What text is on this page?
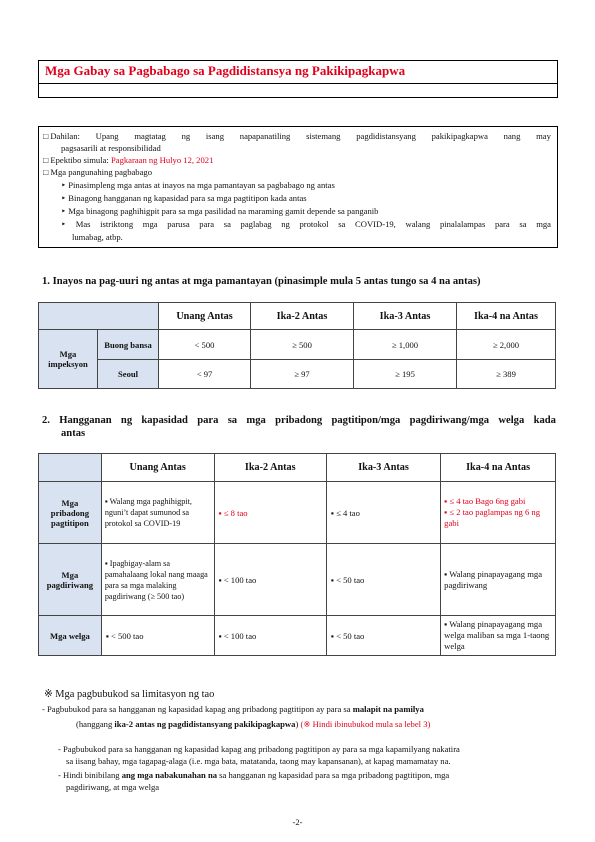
Mga Gabay sa Pagbabago sa Pagdidistansya ng Pakikipagkapwa
□ Dahilan: Upang magtatag ng isang napapanatiling sistemang pagdidistansyang pakikipagkapwa nang may
pagsasarili at responsibilidad
□ Epektibo simula: Pagkaraan ng Hulyo 12, 2021
□ Mga pangunahing pagbabago
‣ Pinasimpleng mga antas at inayos na mga pamantayan sa pagbabago ng antas
‣ Binagong hangganan ng kapasidad para sa mga pagtitipon kada antas
‣ Mga binagong paghihigpit para sa mga pasilidad na maraming gamit depende sa panganib
‣ Mas istriktong mga parusa para sa paglabag ng protokol sa COVID-19, walang pinalalampas para sa mga
lumabag, atbp.
1. Inayos na pag-uuri ng antas at mga pamantayan (pinasimple mula 5 antas tungo sa 4 na antas)
		Unang Antas	Ika-2 Antas	Ika-3 Antas	Ika-4 na Antas
Mga impeksyon	Buong bansa	< 500	≥ 500	≥ 1,000	≥ 2,000
	Seoul	< 97	≥ 97	≥ 195	≥ 389
2. Hangganan ng kapasidad para sa mga pribadong pagtitipon/mga pagdiriwang/mga welga kada
antas
	Unang Antas	Ika-2 Antas	Ika-3 Antas	Ika-4 na Antas
Mga pribadong pagtitipon	▪ Walang mga paghihigpit, nguni’t dapat sumunod sa protokol sa COVID-19	▪ ≤ 8 tao	▪ ≤ 4 tao	▪ ≤ 4 tao Bago 6ng gabi
▪ ≤ 2 tao paglampas ng 6 ng gabi

Mga pagdiriwang	▪ Ipagbigay-alam sa pamahalaang lokal nang maaga para sa mga malaking pagdiriwang (≥ 500 tao)	▪ < 100 tao	▪ < 50 tao	▪ Walang pinapayagang mga pagdiriwang
Mga welga	▪ < 500 tao	▪ < 100 tao	▪ < 50 tao	▪ Walang pinapayagang mga welga maliban sa mga 1-taong welga
※ Mga pagbubukod sa limitasyon ng tao
- Pagbubukod para sa hangganan ng kapasidad kapag ang pribadong pagtitipon ay para sa malapit na pamilya
(hanggang ika-2 antas ng pagdidistansyang pakikipagkapwa) (※ Hindi ibinubukod mula sa lebel 3)
- Pagbubukod para sa hangganan ng kapasidad kapag ang pribadong pagtitipon ay para sa mga kapamilyang nakatira
sa iisang bahay, mga tagapag-alaga (i.e. mga bata, matatanda, taong may kapansanan), at kapag mamamatay na.
- Hindi binibilang ang mga nabakunahan na sa hangganan ng kapasidad para sa mga pribadong pagtitipon, mga
pagdiriwang, at mga welga
-2-
